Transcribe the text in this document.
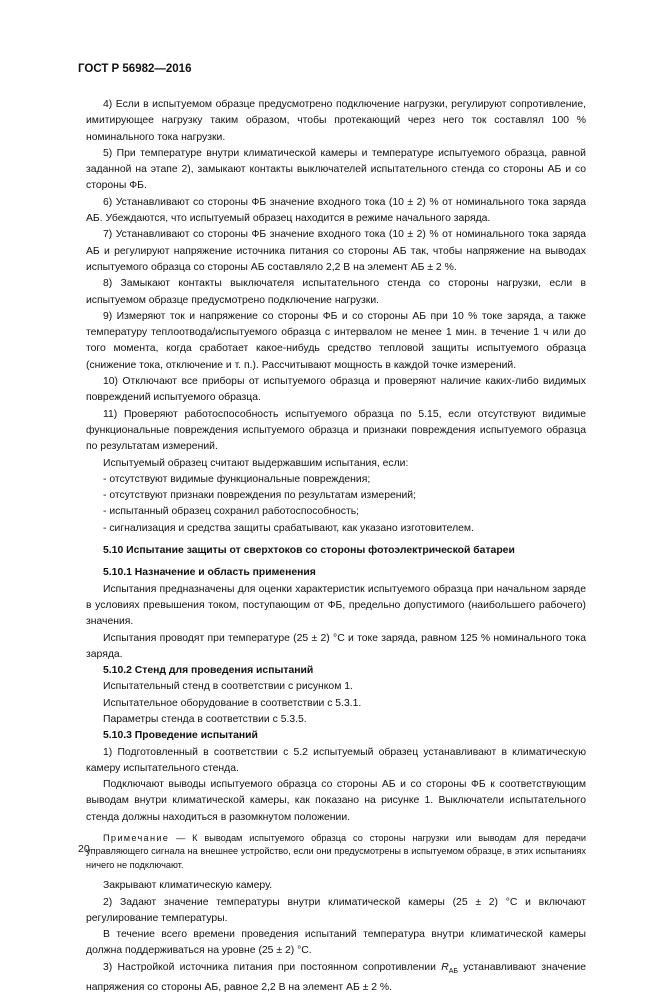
ГОСТ Р 56982—2016

4) Если в испытуемом образце предусмотрено подключение нагрузки, регулируют сопротивление, имитирующее нагрузку таким образом, чтобы протекающий через него ток составлял 100 % номинального тока нагрузки.

5) При температуре внутри климатической камеры и температуре испытуемого образца, равной заданной на этапе 2), замыкают контакты выключателей испытательного стенда со стороны АБ и со стороны ФБ.

6) Устанавливают со стороны ФБ значение входного тока (10 ± 2) % от номинального тока заряда АБ. Убеждаются, что испытуемый образец находится в режиме начального заряда.

7) Устанавливают со стороны ФБ значение входного тока (10 ± 2) % от номинального тока заряда АБ и регулируют напряжение источника питания со стороны АБ так, чтобы напряжение на выводах испытуемого образца со стороны АБ составляло 2,2 В на элемент АБ ± 2 %.

8) Замыкают контакты выключателя испытательного стенда со стороны нагрузки, если в испытуемом образце предусмотрено подключение нагрузки.

9) Измеряют ток и напряжение со стороны ФБ и со стороны АБ при 10 % токе заряда, а также температуру теплоотвода/испытуемого образца с интервалом не менее 1 мин. в течение 1 ч или до того момента, когда сработает какое-нибудь средство тепловой защиты испытуемого образца (снижение тока, отключение и т. п.). Рассчитывают мощность в каждой точке измерений.

10) Отключают все приборы от испытуемого образца и проверяют наличие каких-либо видимых повреждений испытуемого образца.

11) Проверяют работоспособность испытуемого образца по 5.15, если отсутствуют видимые функциональные повреждения испытуемого образца и признаки повреждения испытуемого образца по результатам измерений.

Испытуемый образец считают выдержавшим испытания, если:

- отсутствуют видимые функциональные повреждения;

- отсутствуют признаки повреждения по результатам измерений;

- испытанный образец сохранил работоспособность;

- сигнализация и средства защиты срабатывают, как указано изготовителем.

5.10 Испытание защиты от сверхтоков со стороны фотоэлектрической батареи

5.10.1 Назначение и область применения

Испытания предназначены для оценки характеристик испытуемого образца при начальном заряде в условиях превышения током, поступающим от ФБ, предельно допустимого (наибольшего рабочего) значения.

Испытания проводят при температуре (25 ± 2) °С и токе заряда, равном 125 % номинального тока заряда.

5.10.2 Стенд для проведения испытаний

Испытательный стенд в соответствии с рисунком 1.

Испытательное оборудование в соответствии с 5.3.1.

Параметры стенда в соответствии с 5.3.5.

5.10.3 Проведение испытаний

1) Подготовленный в соответствии с 5.2 испытуемый образец устанавливают в климатическую камеру испытательного стенда.

Подключают выводы испытуемого образца со стороны АБ и со стороны ФБ к соответствующим выводам внутри климатической камеры, как показано на рисунке 1. Выключатели испытательного стенда должны находиться в разомкнутом положении.

Примечание — К выводам испытуемого образца со стороны нагрузки или выводам для передачи управляющего сигнала на внешнее устройство, если они предусмотрены в испытуемом образце, в этих испытаниях ничего не подключают.

Закрывают климатическую камеру.

2) Задают значение температуры внутри климатической камеры (25 ± 2) °С и включают регулирование температуры.

В течение всего времени проведения испытаний температура внутри климатической камеры должна поддерживаться на уровне (25 ± 2) °С.

3) Настройкой источника питания при постоянном сопротивлении $R_{АБ}$ устанавливают значение напряжения со стороны АБ, равное 2,2 В на элемент АБ ± 2 %.

20
